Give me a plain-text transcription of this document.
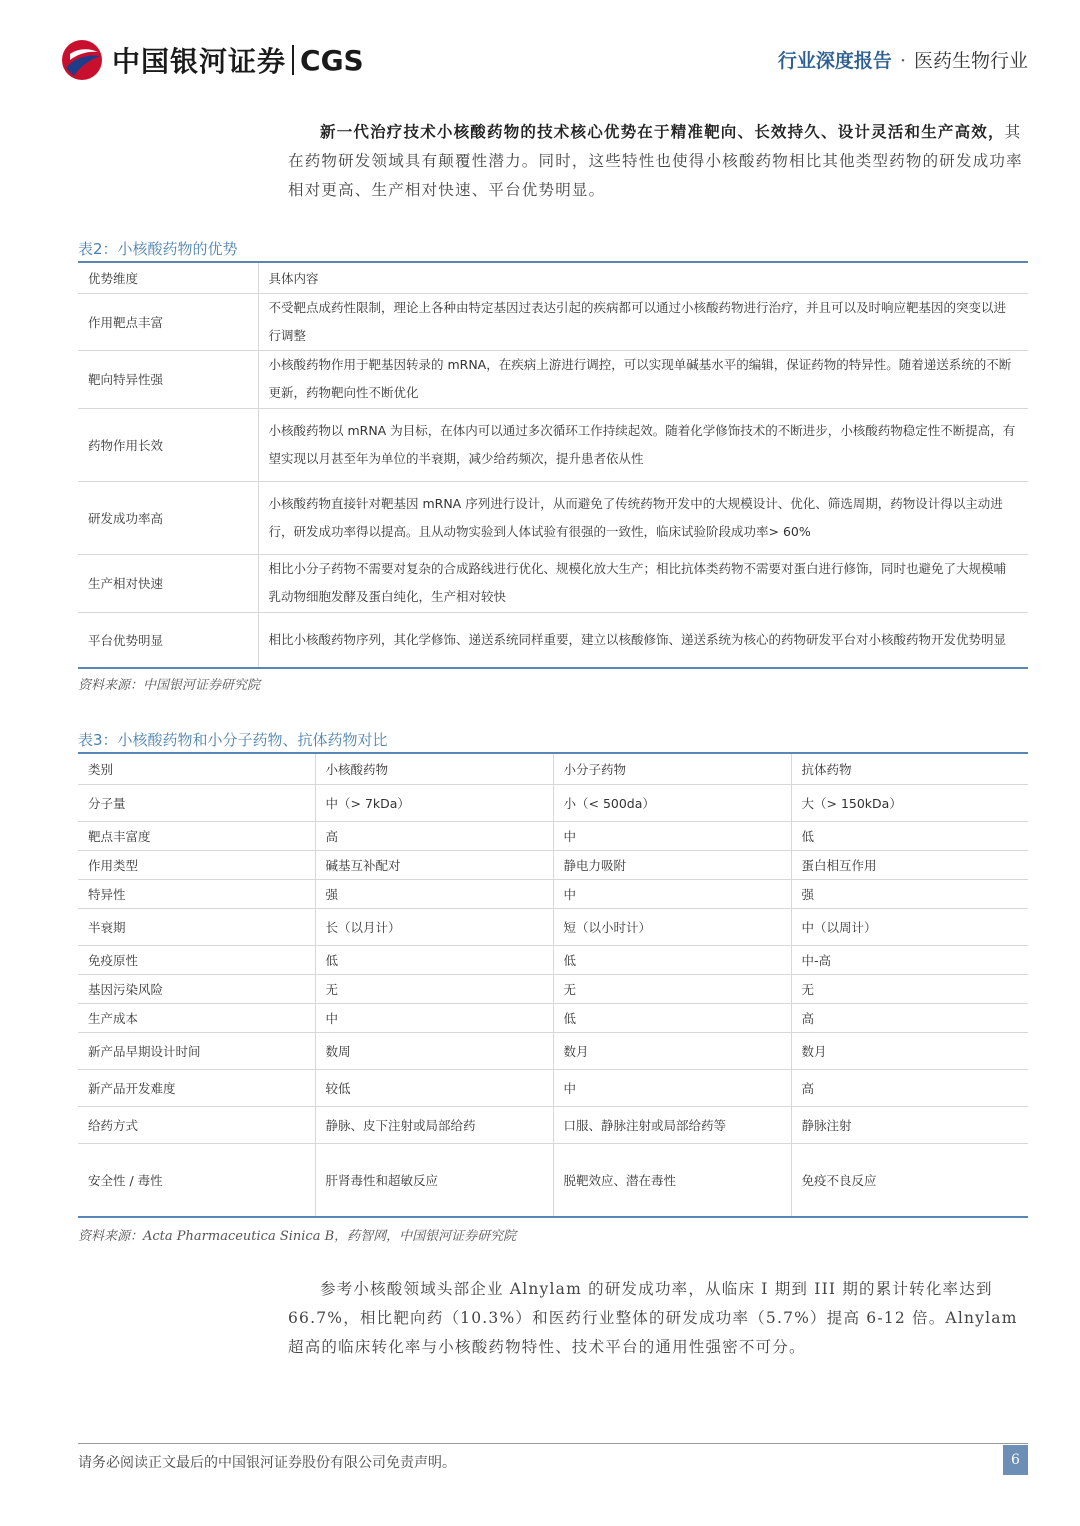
中国银河证券 CGS	行业深度报告 · 医药生物行业
新一代治疗技术小核酸药物的技术核心优势在于精准靶向、长效持久、设计灵活和生产高效，其在药物研发领域具有颠覆性潜力。同时，这些特性也使得小核酸药物相比其他类型药物的研发成功率相对更高、生产相对快速、平台优势明显。
表2：小核酸药物的优势
优势维度	具体内容
作用靶点丰富	不受靶点成药性限制，理论上各种由特定基因过表达引起的疾病都可以通过小核酸药物进行治疗，并且可以及时响应靶基因的突变以进行调整
靶向特异性强	小核酸药物作用于靶基因转录的 mRNA，在疾病上游进行调控，可以实现单碱基水平的编辑，保证药物的特异性。随着递送系统的不断更新，药物靶向性不断优化
药物作用长效	小核酸药物以 mRNA 为目标，在体内可以通过多次循环工作持续起效。随着化学修饰技术的不断进步，小核酸药物稳定性不断提高，有望实现以月甚至年为单位的半衰期，减少给药频次，提升患者依从性
研发成功率高	小核酸药物直接针对靶基因 mRNA 序列进行设计，从而避免了传统药物开发中的大规模设计、优化、筛选周期，药物设计得以主动进行，研发成功率得以提高。且从动物实验到人体试验有很强的一致性，临床试验阶段成功率> 60%
生产相对快速	相比小分子药物不需要对复杂的合成路线进行优化、规模化放大生产；相比抗体类药物不需要对蛋白进行修饰，同时也避免了大规模哺乳动物细胞发酵及蛋白纯化，生产相对较快
平台优势明显	相比小核酸药物序列，其化学修饰、递送系统同样重要，建立以核酸修饰、递送系统为核心的药物研发平台对小核酸药物开发优势明显
资料来源：中国银河证券研究院
表3：小核酸药物和小分子药物、抗体药物对比
类别	小核酸药物	小分子药物	抗体药物
分子量	中（> 7kDa）	小（< 500da）	大（> 150kDa）
靶点丰富度	高	中	低
作用类型	碱基互补配对	静电力吸附	蛋白相互作用
特异性	强	中	强
半衰期	长（以月计）	短（以小时计）	中（以周计）
免疫原性	低	低	中-高
基因污染风险	无	无	无
生产成本	中	低	高
新产品早期设计时间	数周	数月	数月
新产品开发难度	较低	中	高
给药方式	静脉、皮下注射或局部给药	口服、静脉注射或局部给药等	静脉注射
安全性 / 毒性	肝肾毒性和超敏反应	脱靶效应、潜在毒性	免疫不良反应
资料来源：Acta Pharmaceutica Sinica B，药智网，中国银河证券研究院
参考小核酸领域头部企业 Alnylam 的研发成功率，从临床 I 期到 III 期的累计转化率达到 66.7%，相比靶向药（10.3%）和医药行业整体的研发成功率（5.7%）提高 6-12 倍。Alnylam 超高的临床转化率与小核酸药物特性、技术平台的通用性强密不可分。
请务必阅读正文最后的中国银河证券股份有限公司免责声明。	6
